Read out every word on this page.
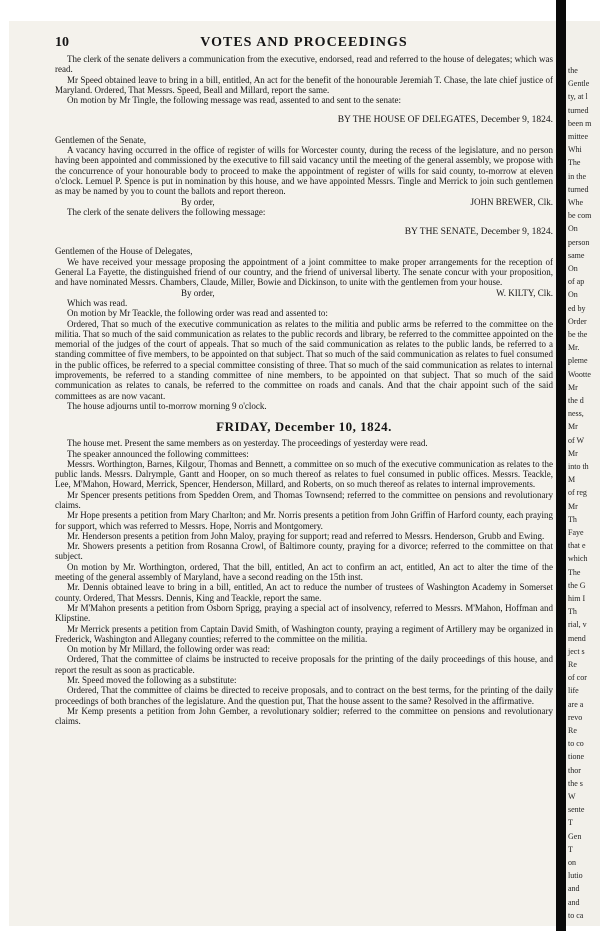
10	VOTES AND PROCEEDINGS

The clerk of the senate delivers a communication from the executive, endorsed, read and referred to the house of delegates; which was read.

Mr Speed obtained leave to bring in a bill, entitled, An act for the benefit of the honourable Jeremiah T. Chase, the late chief justice of Maryland. Ordered, That Messrs. Speed, Beall and Millard, report the same.

On motion by Mr Tingle, the following message was read, assented to and sent to the senate:

BY THE HOUSE OF DELEGATES, December 9, 1824.

Gentlemen of the Senate,

A vacancy having occurred in the office of register of wills for Worcester county, during the recess of the legislature, and no person having been appointed and commissioned by the executive to fill said vacancy until the meeting of the general assembly, we propose with the concurrence of your honourable body to proceed to make the appointment of register of wills for said county, to-morrow at eleven o'clock. Lemuel P. Spence is put in nomination by this house, and we have appointed Messrs. Tingle and Merrick to join such gentlemen as may be named by you to count the ballots and report thereon.

By order,	JOHN BREWER, Clk.

The clerk of the senate delivers the following message:

BY THE SENATE, December 9, 1824.

Gentlemen of the House of Delegates,

We have received your message proposing the appointment of a joint committee to make proper arrangements for the reception of General La Fayette, the distinguished friend of our country, and the friend of universal liberty. The senate concur with your proposition, and have nominated Messrs. Chambers, Claude, Miller, Bowie and Dickinson, to unite with the gentlemen from your house.

By order,	W. KILTY, Clk.

Which was read.

On motion by Mr Teackle, the following order was read and assented to:

Ordered, That so much of the executive communication as relates to the militia and public arms be referred to the committee on the militia. That so much of the said communication as relates to the public records and library, be referred to the committee appointed on the memorial of the judges of the court of appeals. That so much of the said communication as relates to the public lands, be referred to a standing committee of five members, to be appointed on that subject. That so much of the said communication as relates to fuel consumed in the public offices, be referred to a special committee consisting of three. That so much of the said communication as relates to internal improvements, be referred to a standing committee of nine members, to be appointed on that subject. That so much of the said communication as relates to canals, be referred to the committee on roads and canals. And that the chair appoint such of the said committees as are now vacant.

The house adjourns until to-morrow morning 9 o'clock.

FRIDAY, December 10, 1824.

The house met. Present the same members as on yesterday. The proceedings of yesterday were read.

The speaker announced the following committees:

Messrs. Worthington, Barnes, Kilgour, Thomas and Bennett, a committee on so much of the executive communication as relates to the public lands. Messrs. Dalrymple, Gantt and Hooper, on so much thereof as relates to fuel consumed in public offices. Messrs. Teackle, Lee, M'Mahon, Howard, Merrick, Spencer, Henderson, Millard, and Roberts, on so much thereof as relates to internal improvements.

Mr Spencer presents petitions from Spedden Orem, and Thomas Townsend; referred to the committee on pensions and revolutionary claims.

Mr Hope presents a petition from Mary Charlton; and Mr. Norris presents a petition from John Griffin of Harford county, each praying for support, which was referred to Messrs. Hope, Norris and Montgomery.

Mr. Henderson presents a petition from John Maloy, praying for support; read and referred to Messrs. Henderson, Grubb and Ewing.

Mr. Showers presents a petition from Rosanna Crowl, of Baltimore county, praying for a divorce; referred to the committee on that subject.

On motion by Mr. Worthington, ordered, That the bill, entitled, An act to confirm an act, entitled, An act to alter the time of the meeting of the general assembly of Maryland, have a second reading on the 15th inst.

Mr. Dennis obtained leave to bring in a bill, entitled, An act to reduce the number of trustees of Washington Academy in Somerset county. Ordered, That Messrs. Dennis, King and Teackle, report the same.

Mr M'Mahon presents a petition from Osborn Sprigg, praying a special act of insolvency, referred to Messrs. M'Mahon, Hoffman and Klipstine.

Mr Merrick presents a petition from Captain David Smith, of Washington county, praying a regiment of Artillery may be organized in Frederick, Washington and Allegany counties; referred to the committee on the militia.

On motion by Mr Millard, the following order was read:

Ordered, That the committee of claims be instructed to receive proposals for the printing of the daily proceedings of this house, and report the result as soon as practicable.

Mr. Speed moved the following as a substitute:

Ordered, That the committee of claims be directed to receive proposals, and to contract on the best terms, for the printing of the daily proceedings of both branches of the legislature. And the question put, That the house assent to the same? Resolved in the affirmative.

Mr Kemp presents a petition from John Gember, a revolutionary soldier; referred to the committee on pensions and revolutionary claims.

the
Gentle
ty, at l
turned
been m
mittee
Whi
The
in the
turned
Whe
be com
On
person
same
On
of ap
On
ed by
Order
be the
Mr.
pleme
Wootte
Mr
the d
ness,
Mr
of W
Mr
into th
M
of reg
Mr
Th
Faye
that e
which
The
the G
him I
Th
rial, v
mend
ject s
Re
of cor
life
are a
revo
Re
to co
tione
thor
the s
W
sente
T
Gen
T
on
lutio
and
and
to ca
